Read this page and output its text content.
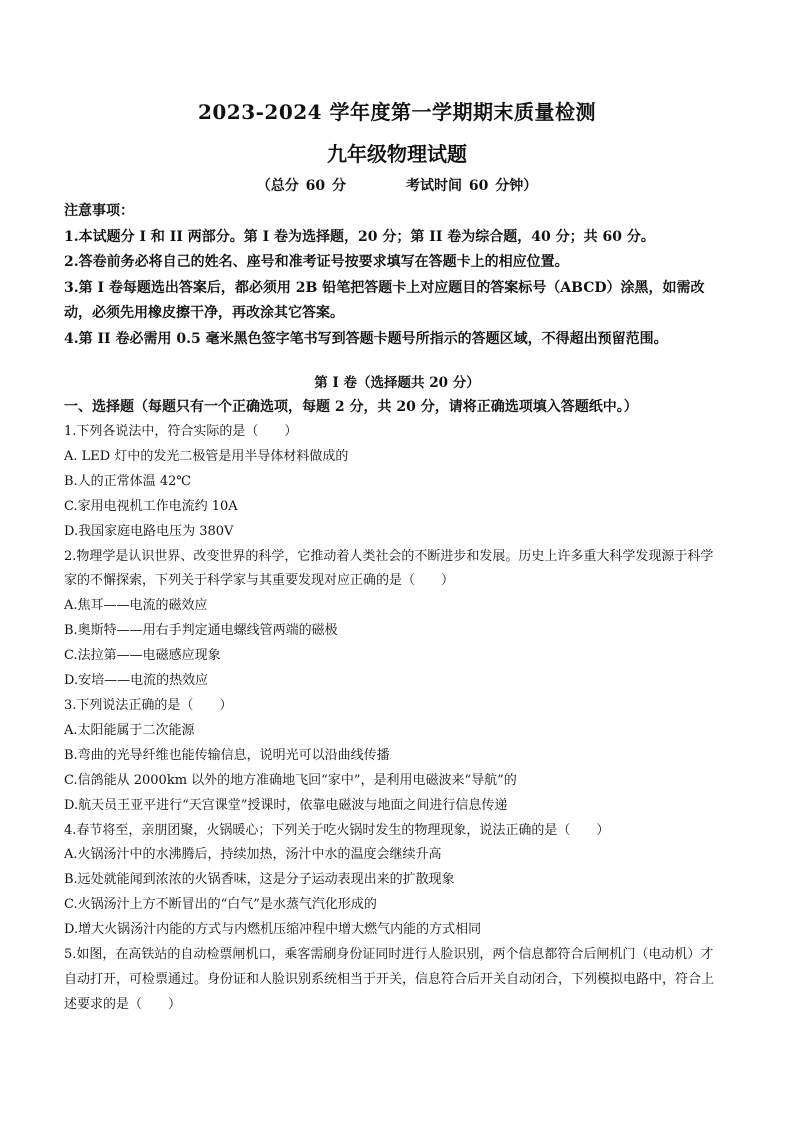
2023-2024 学年度第一学期期末质量检测
九年级物理试题
（总分 60 分	考试时间 60 分钟）

注意事项：

1.本试题分 I 和 II 两部分。第 I 卷为选择题，20 分；第 II 卷为综合题，40 分；共 60 分。

2.答卷前务必将自己的姓名、座号和准考证号按要求填写在答题卡上的相应位置。

3.第 I 卷每题选出答案后，都必须用 2B 铅笔把答题卡上对应题目的答案标号（ABCD）涂黑，如需改动，必须先用橡皮擦干净，再改涂其它答案。

4.第 II 卷必需用 0.5 毫米黑色签字笔书写到答题卡题号所指示的答题区域，不得超出预留范围。

第 I 卷（选择题共 20 分）
一、选择题（每题只有一个正确选项，每题 2 分，共 20 分，请将正确选项填入答题纸中。）

1.下列各说法中，符合实际的是（　　）

A. LED 灯中的发光二极管是用半导体材料做成的

B.人的正常体温 42℃

C.家用电视机工作电流约 10A

D.我国家庭电路电压为 380V

2.物理学是认识世界、改变世界的科学，它推动着人类社会的不断进步和发展。历史上许多重大科学发现源于科学家的不懈探索，下列关于科学家与其重要发现对应正确的是（　　）

A.焦耳——电流的磁效应

B.奥斯特——用右手判定通电螺线管两端的磁极

C.法拉第——电磁感应现象

D.安培——电流的热效应

3.下列说法正确的是（　　）

A.太阳能属于二次能源

B.弯曲的光导纤维也能传输信息，说明光可以沿曲线传播

C.信鸽能从 2000km 以外的地方准确地飞回“家中”，是利用电磁波来“导航”的

D.航天员王亚平进行“天宫课堂”授课时，依靠电磁波与地面之间进行信息传递

4.春节将至，亲朋团聚，火锅暖心；下列关于吃火锅时发生的物理现象，说法正确的是（　　）

A.火锅汤汁中的水沸腾后，持续加热，汤汁中水的温度会继续升高

B.远处就能闻到浓浓的火锅香味，这是分子运动表现出来的扩散现象

C.火锅汤汁上方不断冒出的“白气”是水蒸气汽化形成的

D.增大火锅汤汁内能的方式与内燃机压缩冲程中增大燃气内能的方式相同

5.如图，在高铁站的自动检票闸机口，乘客需刷身份证同时进行人脸识别，两个信息都符合后闸机门（电动机）才自动打开，可检票通过。身份证和人脸识别系统相当于开关，信息符合后开关自动闭合，下列模拟电路中，符合上述要求的是（　　）
